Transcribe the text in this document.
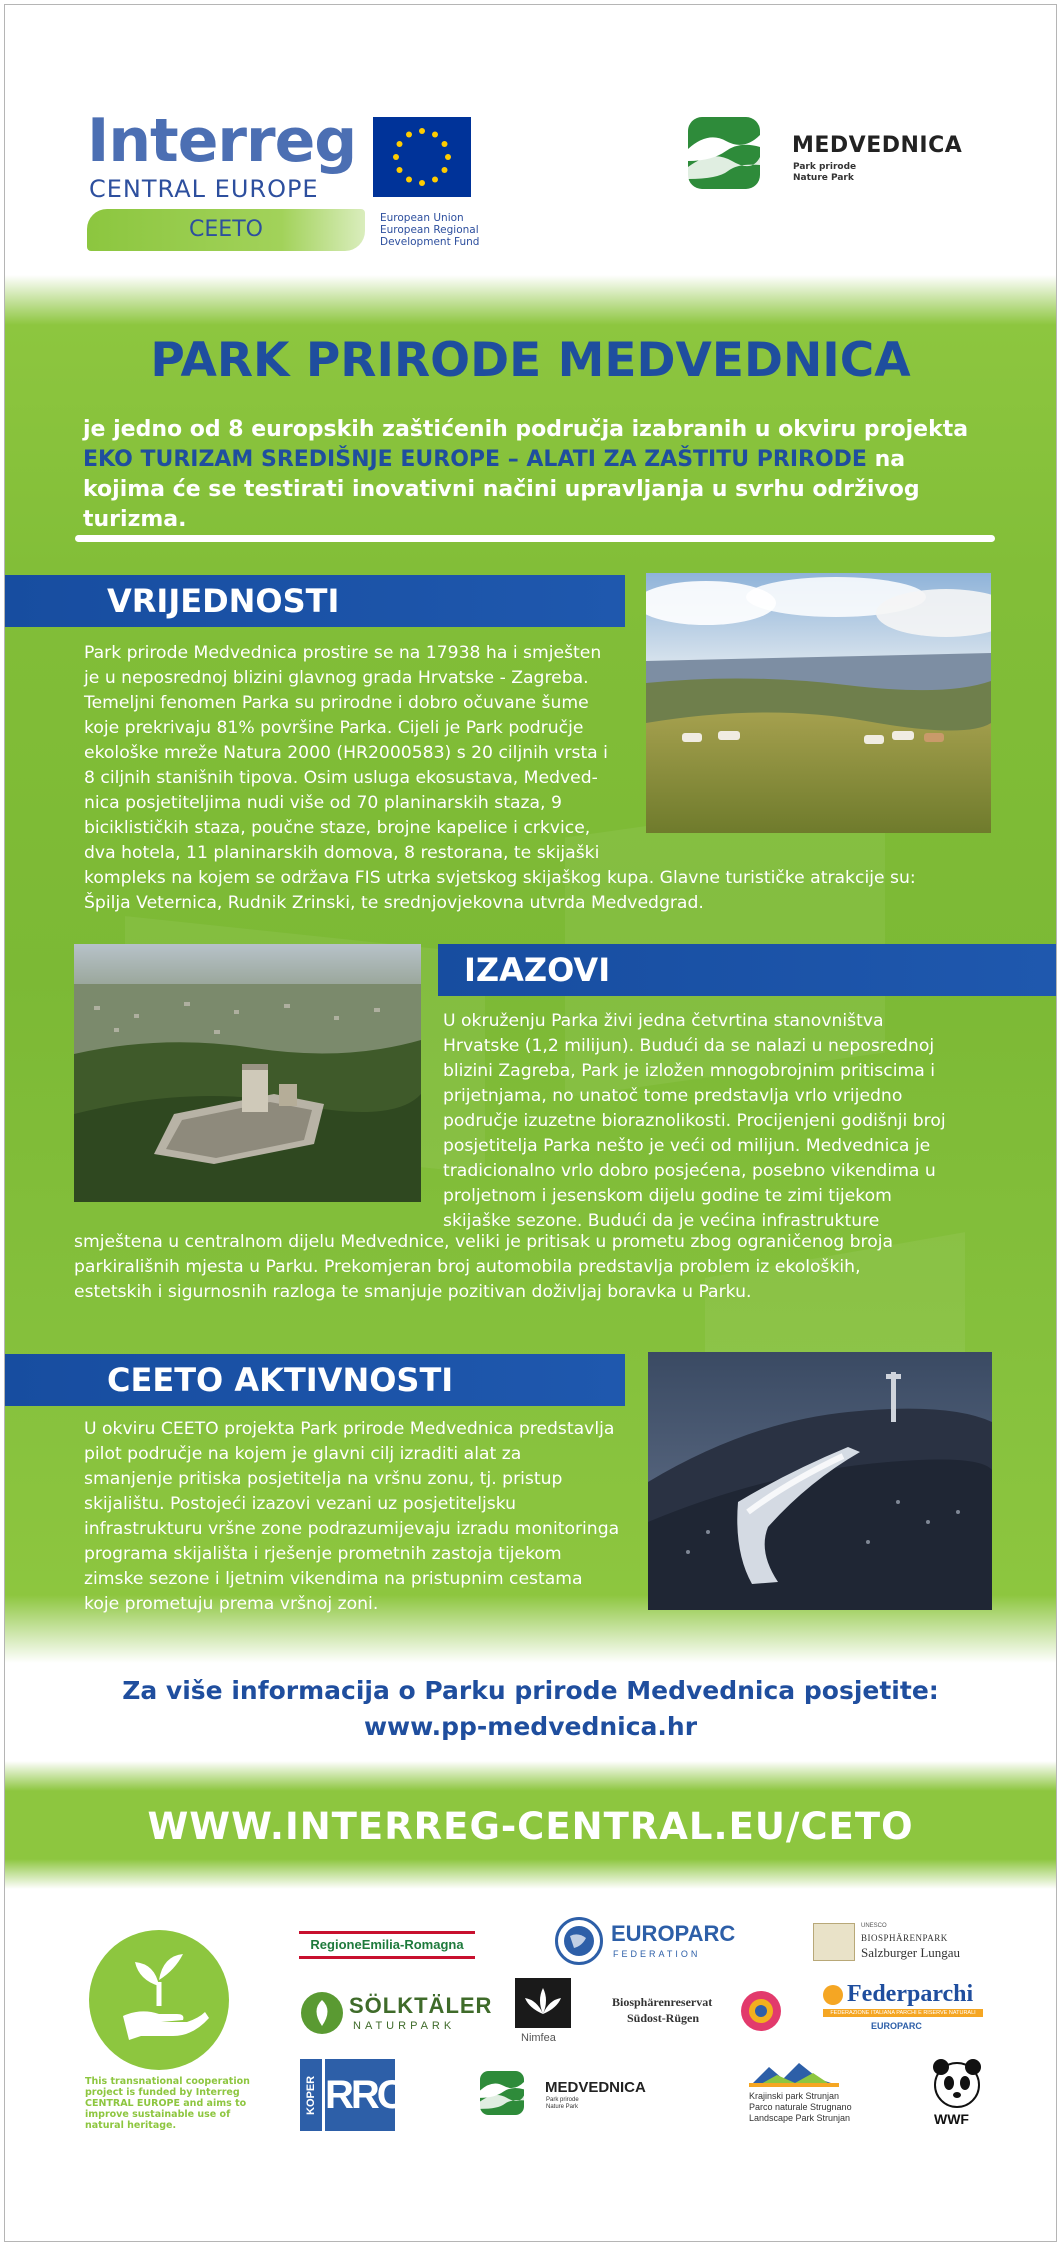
Interreg
CENTRAL EUROPE
European Union
European Regional
Development Fund
CEETO
MEDVEDNICA
Park prirode
Nature Park
PARK PRIRODE MEDVEDNICA
je jedno od 8 europskih zaštićenih područja izabranih u okviru projekta EKO TURIZAM SREDIŠNJE EUROPE – ALATI ZA ZAŠTITU PRIRODE na kojima će se testirati inovativni načini upravljanja u svrhu održivog turizma.
VRIJEDNOSTI
Park prirode Medvednica prostire se na 17938 ha i smješten
je u neposrednoj blizini glavnog grada Hrvatske - Zagreba.
Temeljni fenomen Parka su prirodne i dobro očuvane šume
koje prekrivaju 81% površine Parka. Cijeli je Park područje
ekološke mreže Natura 2000 (HR2000583) s 20 ciljnih vrsta i
8 ciljnih stanišnih tipova. Osim usluga ekosustava, Medved-
nica posjetiteljima nudi više od 70 planinarskih staza, 9
biciklističkih staza, poučne staze, brojne kapelice i crkvice,
dva hotela, 11 planinarskih domova, 8 restorana, te skijaški
kompleks na kojem se održava FIS utrka svjetskog skijaškog kupa. Glavne turističke atrakcije su:
Špilja Veternica, Rudnik Zrinski, te srednjovjekovna utvrda Medvedgrad.
IZAZOVI
U okruženju Parka živi jedna četvrtina stanovništva
Hrvatske (1,2 milijun). Budući da se nalazi u neposrednoj
blizini Zagreba, Park je izložen mnogobrojnim pritiscima i
prijetnjama, no unatoč tome predstavlja vrlo vrijedno
područje izuzetne bioraznolikosti. Procijenjeni godišnji broj
posjetitelja Parka nešto je veći od milijun. Medvednica je
tradicionalno vrlo dobro posjećena, posebno vikendima u
proljetnom i jesenskom dijelu godine te zimi tijekom
skijaške sezone. Budući da je većina infrastrukture
smještena u centralnom dijelu Medvednice, veliki je pritisak u prometu zbog ograničenog broja
parkirališnih mjesta u Parku. Prekomjeran broj automobila predstavlja problem iz ekoloških,
estetskih i sigurnosnih razloga te smanjuje pozitivan doživljaj boravka u Parku.
CEETO AKTIVNOSTI
U okviru CEETO projekta Park prirode Medvednica predstavlja
pilot područje na kojem je glavni cilj izraditi alat za
smanjenje pritiska posjetitelja na vršnu zonu, tj. pristup
skijalištu. Postojeći izazovi vezani uz posjetiteljsku
infrastrukturu vršne zone podrazumijevaju izradu monitoringa
programa skijališta i rješenje prometnih zastoja tijekom
zimske sezone i ljetnim vikendima na pristupnim cestama
koje prometuju prema vršnoj zoni.
Za više informacija o Parku prirode Medvednica posjetite:
www.pp-medvednica.hr
WWW.INTERREG-CENTRAL.EU/CETO
This transnational cooperation
project is funded by Interreg
CENTRAL EUROPE and aims to
improve sustainable use of
natural heritage.
RegioneEmilia-Romagna	EUROPARC
FEDERATION
UNESCO
BIOSPHÄRENPARK
Salzburger Lungau
SÖLKTÄLER
NATURPARK
Nimfea
Biosphärenreservat
Südost-Rügen
Federparchi
FEDERAZIONE ITALIANA PARCHI E RISERVE NATURALI
EUROPARC
KOPER RRC	MEDVEDNICA
Park prirode
Nature Park
Krajinski park Strunjan
Parco naturale Strugnano
Landscape Park Strunjan	WWF
